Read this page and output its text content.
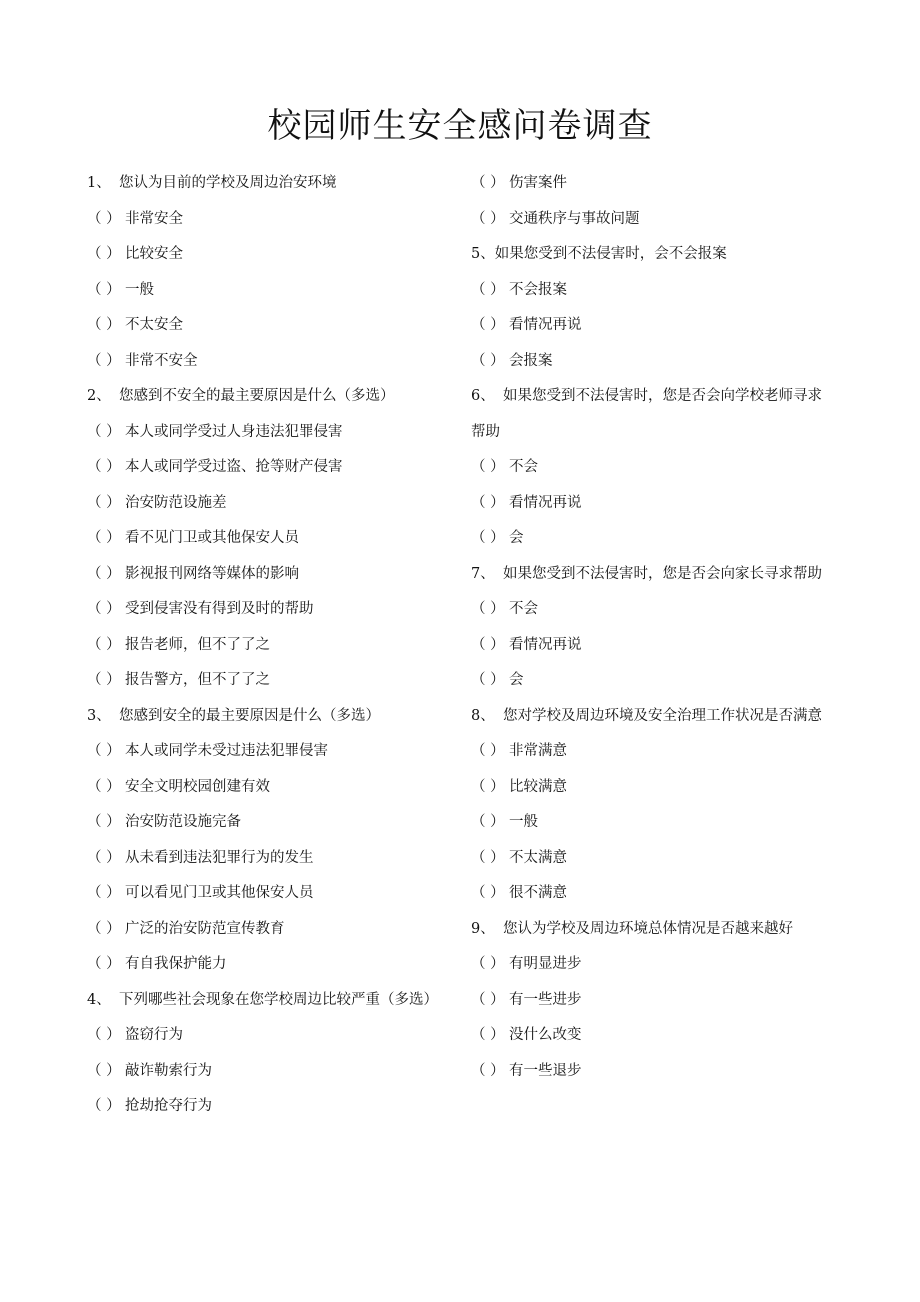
校园师生安全感问卷调查
1、 您认为目前的学校及周边治安环境
（ ） 非常安全
（ ） 比较安全
（ ） 一般
（ ） 不太安全
（ ） 非常不安全
2、 您感到不安全的最主要原因是什么（多选）
（ ） 本人或同学受过人身违法犯罪侵害
（ ） 本人或同学受过盗、抢等财产侵害
（ ） 治安防范设施差
（ ） 看不见门卫或其他保安人员
（ ） 影视报刊网络等媒体的影响
（ ） 受到侵害没有得到及时的帮助
（ ） 报告老师，但不了了之
（ ） 报告警方，但不了了之
3、 您感到安全的最主要原因是什么（多选）
（ ） 本人或同学未受过违法犯罪侵害
（ ） 安全文明校园创建有效
（ ） 治安防范设施完备
（ ） 从未看到违法犯罪行为的发生
（ ） 可以看见门卫或其他保安人员
（ ） 广泛的治安防范宣传教育
（ ） 有自我保护能力
4、 下列哪些社会现象在您学校周边比较严重（多选）
（ ） 盗窃行为
（ ） 敲诈勒索行为
（ ） 抢劫抢夺行为
（ ） 伤害案件
（ ） 交通秩序与事故问题
5、如果您受到不法侵害时，会不会报案
（ ） 不会报案
（ ） 看情况再说
（ ） 会报案
6、 如果您受到不法侵害时，您是否会向学校老师寻求
帮助
（ ） 不会
（ ） 看情况再说
（ ） 会
7、 如果您受到不法侵害时，您是否会向家长寻求帮助
（ ） 不会
（ ） 看情况再说
（ ） 会
8、 您对学校及周边环境及安全治理工作状况是否满意
（ ） 非常满意
（ ） 比较满意
（ ） 一般
（ ） 不太满意
（ ） 很不满意
9、 您认为学校及周边环境总体情况是否越来越好
（ ） 有明显进步
（ ） 有一些进步
（ ） 没什么改变
（ ） 有一些退步
